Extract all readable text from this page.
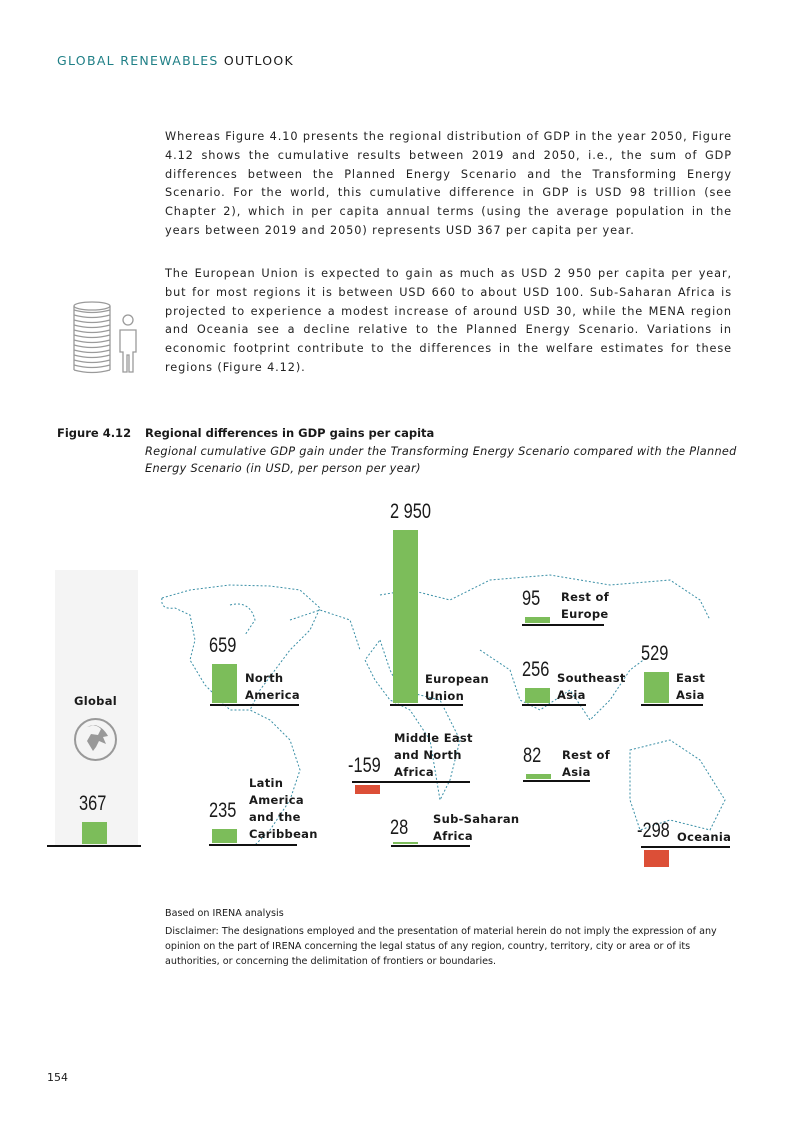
GLOBAL RENEWABLES OUTLOOK

Whereas Figure 4.10 presents the regional distribution of GDP in the year 2050, Figure 4.12 shows the cumulative results between 2019 and 2050, i.e., the sum of GDP differences between the Planned Energy Scenario and the Transforming Energy Scenario. For the world, this cumulative difference in GDP is USD 98 trillion (see Chapter 2), which in per capita annual terms (using the average population in the years between 2019 and 2050) represents USD 367 per capita per year.

The European Union is expected to gain as much as USD 2 950 per capita per year, but for most regions it is between USD 660 to about USD 100. Sub-Saharan Africa is projected to experience a modest increase of around USD 30, while the MENA region and Oceania see a decline relative to the Planned Energy Scenario. Variations in economic footprint contribute to the differences in the welfare estimates for these regions (Figure 4.12).

Figure 4.12 Regional differences in GDP gains per capita
Regional cumulative GDP gain under the Transforming Energy Scenario compared with the Planned Energy Scenario (in USD, per person per year)
Global
North
America
Latin
America
and the
Caribbean
European
Union
Middle East
and North
Africa
Sub-Saharan
Africa
Rest of
Europe
Southeast
Asia
Rest of
Asia
East
Asia
Oceania
367
659
235
2 950
-159
28
95
256
82
529
-298
Based on IRENA analysis
Disclaimer: The designations employed and the presentation of material herein do not imply the expression of any opinion on the part of IRENA concerning the legal status of any region, country, territory, city or area or of its authorities, or concerning the delimitation of frontiers or boundaries.
154
